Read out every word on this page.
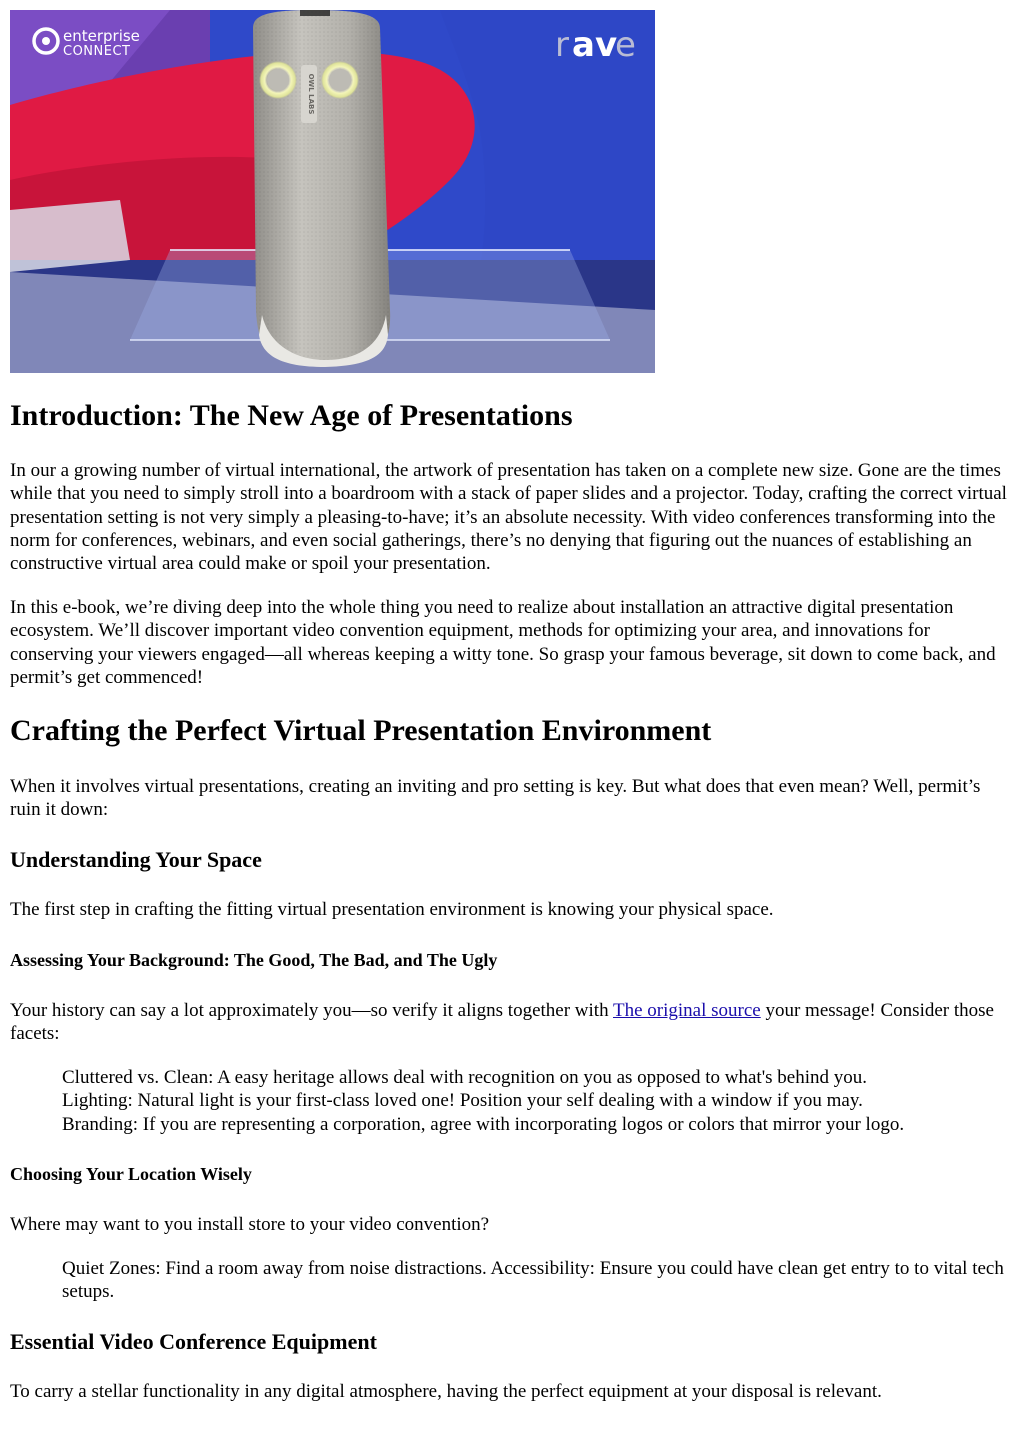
OWL LABS
enterprise
CONNECT	r av
e
Introduction: The New Age of Presentations

In our a growing number of virtual international, the artwork of presentation has taken on a complete new size. Gone are the times while that you need to simply stroll into a boardroom with a stack of paper slides and a projector. Today, crafting the correct virtual presentation setting is not very simply a pleasing-to-have; it’s an absolute necessity. With video conferences transforming into the norm for conferences, webinars, and even social gatherings, there’s no denying that figuring out the nuances of establishing an constructive virtual area could make or spoil your presentation.

In this e-book, we’re diving deep into the whole thing you need to realize about installation an attractive digital presentation ecosystem. We’ll discover important video convention equipment, methods for optimizing your area, and innovations for conserving your viewers engaged—all whereas keeping a witty tone. So grasp your famous beverage, sit down to come back, and permit’s get commenced!

Crafting the Perfect Virtual Presentation Environment

When it involves virtual presentations, creating an inviting and pro setting is key. But what does that even mean? Well, permit’s ruin it down:

Understanding Your Space

The first step in crafting the fitting virtual presentation environment is knowing your physical space.

Assessing Your Background: The Good, The Bad, and The Ugly

Your history can say a lot approximately you—so verify it aligns together with The original source your message! Consider those facets:

Cluttered vs. Clean: A easy heritage allows deal with recognition on you as opposed to what's behind you.

Lighting: Natural light is your first-class loved one! Position your self dealing with a window if you may.

Branding: If you are representing a corporation, agree with incorporating logos or colors that mirror your logo.

Choosing Your Location Wisely

Where may want to you install store to your video convention?

Quiet Zones: Find a room away from noise distractions. Accessibility: Ensure you could have clean get entry to to vital tech setups.

Essential Video Conference Equipment

To carry a stellar functionality in any digital atmosphere, having the perfect equipment at your disposal is relevant.
